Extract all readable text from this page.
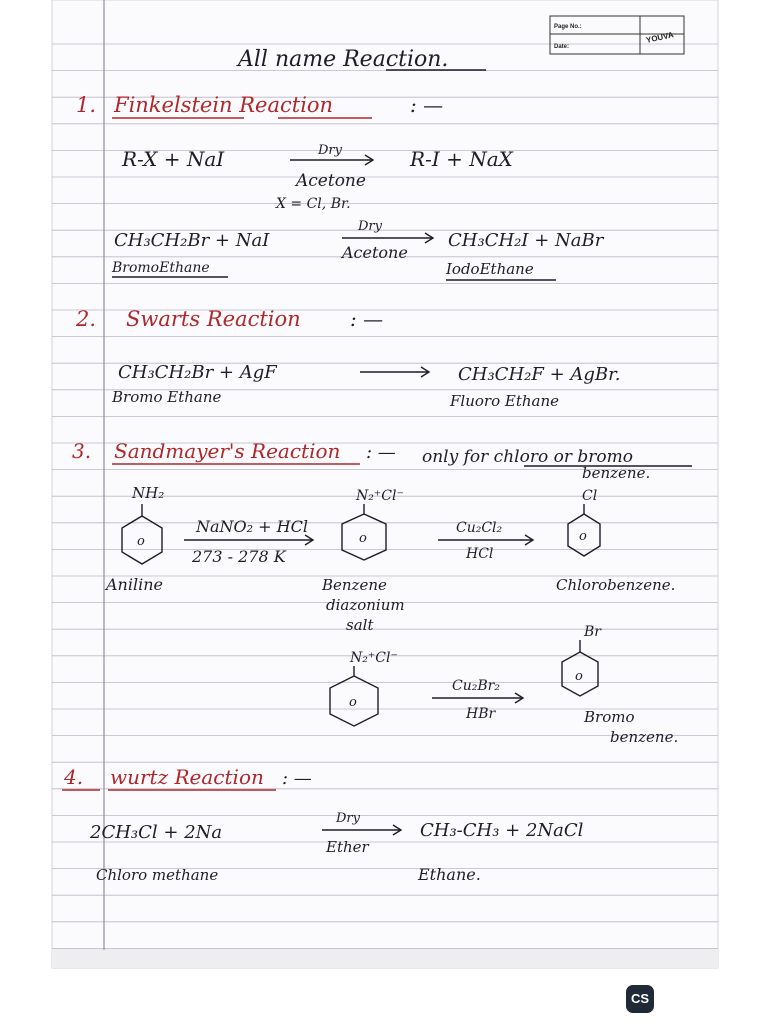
Page No.:
Date:
YOUVA
All name Reaction.
1. Finkelstein Reaction	: —
R-X + NaI	Dry
Acetone
R-I + NaX
X = Cl, Br.
CH₃CH₂Br + NaI
Dry
Acetone
CH₃CH₂I + NaBr
BromoEthane	IodoEthane
2. Swarts Reaction : —
CH₃CH₂Br + AgF	CH₃CH₂F + AgBr.
Bromo Ethane	Fluoro Ethane
3. Sandmayer's Reaction : — only for chloro or bromo
benzene.
NH₂
o
NaNO₂ + HCl
273 - 278 K
N₂⁺Cl⁻
o
Cu₂Cl₂
HCl
Cl
o
Aniline	Benzene
diazonium
salt
Chlorobenzene.
Br
o
N₂⁺Cl⁻
o
Cu₂Br₂
HBr	Bromo
benzene.
4. wurtz Reaction : —
2CH₃Cl + 2Na
Dry
Ether
CH₃-CH₃ + 2NaCl
Chloro methane	Ethane.
CS
